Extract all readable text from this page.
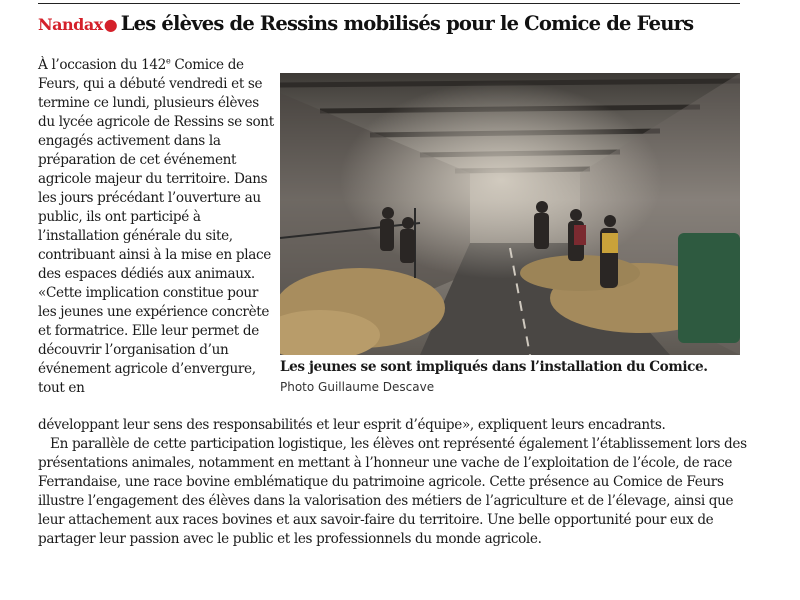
Nandax● Les élèves de Ressins mobilisés pour le Comice de Feurs

À l’occasion du 142e Comice de Feurs, qui a débuté vendredi et se termine ce lundi, plusieurs élèves du lycée agricole de Ressins se sont engagés activement dans la préparation de cet événement agricole majeur du territoire. Dans les jours précédant l’ouverture au public, ils ont participé à l’installation générale du site, contribuant ainsi à la mise en place des espaces dédiés aux animaux. «Cette implication constitue pour les jeunes une expérience concrète et formatrice. Elle leur permet de découvrir l’organisation d’un événement agricole d’envergure, tout en

Les jeunes se sont impliqués dans l’installation du Comice.
Photo Guillaume Descave

développant leur sens des responsabilités et leur esprit d’équipe», expliquent leurs encadrants.

En parallèle de cette participation logistique, les élèves ont représenté également l’établissement lors des présentations animales, notamment en mettant à l’honneur une vache de l’exploitation de l’école, de race Ferrandaise, une race bovine emblématique du patrimoine agricole. Cette présence au Comice de Feurs illustre l’engagement des élèves dans la valorisation des métiers de l’agriculture et de l’élevage, ainsi que leur attachement aux races bovines et aux savoir-faire du territoire. Une belle opportunité pour eux de partager leur passion avec le public et les professionnels du monde agricole.
